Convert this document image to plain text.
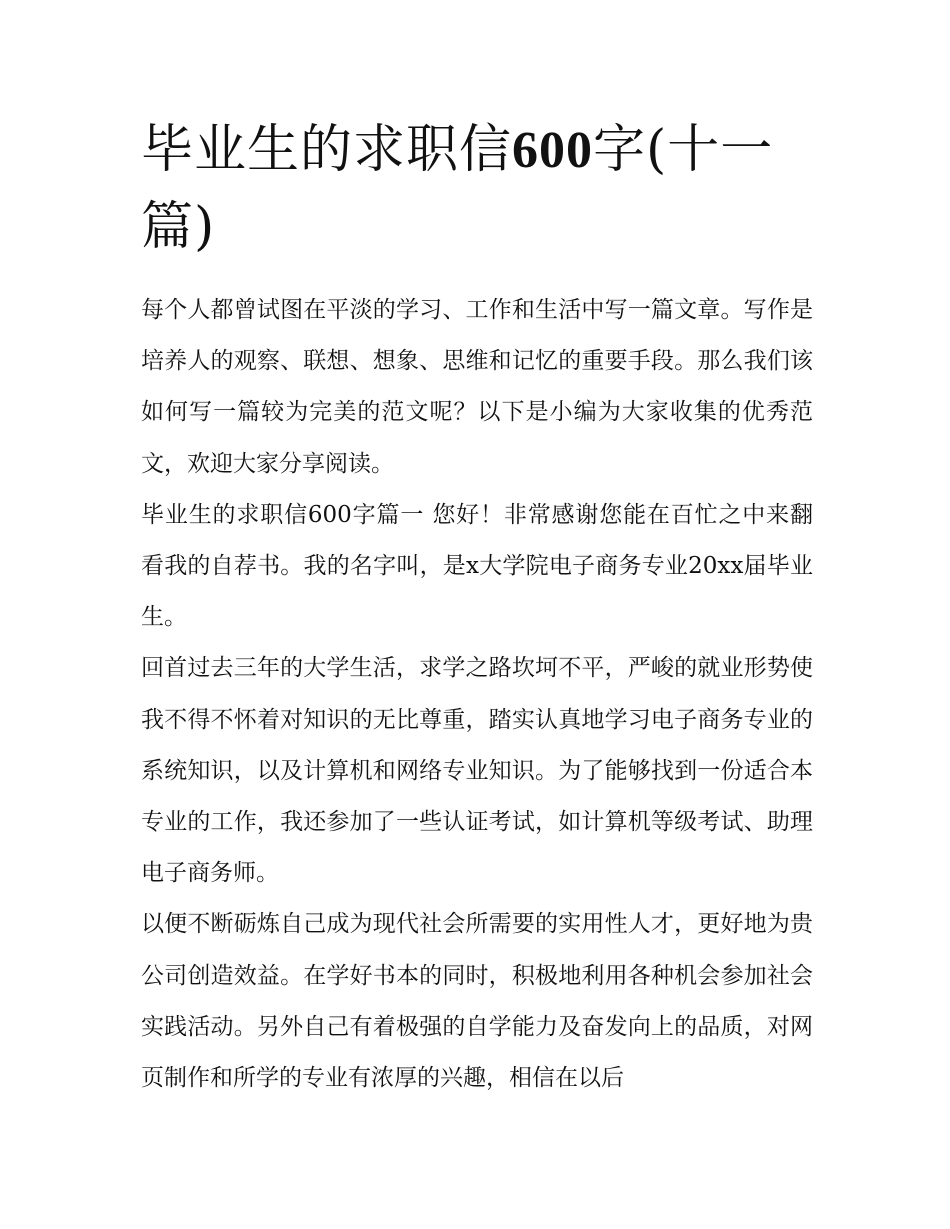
毕业生的求职信600字(十一篇)

每个人都曾试图在平淡的学习、工作和生活中写一篇文章。写作是培养人的观察、联想、想象、思维和记忆的重要手段。那么我们该如何写一篇较为完美的范文呢？以下是小编为大家收集的优秀范文，欢迎大家分享阅读。

毕业生的求职信600字篇一 您好！非常感谢您能在百忙之中来翻看我的自荐书。我的名字叫，是x大学院电子商务专业20xx届毕业生。

回首过去三年的大学生活，求学之路坎坷不平，严峻的就业形势使我不得不怀着对知识的无比尊重，踏实认真地学习电子商务专业的系统知识，以及计算机和网络专业知识。为了能够找到一份适合本专业的工作，我还参加了一些认证考试，如计算机等级考试、助理电子商务师。

以便不断砺炼自己成为现代社会所需要的实用性人才，更好地为贵公司创造效益。在学好书本的同时，积极地利用各种机会参加社会实践活动。另外自己有着极强的自学能力及奋发向上的品质，对网页制作和所学的专业有浓厚的兴趣，相信在以后
